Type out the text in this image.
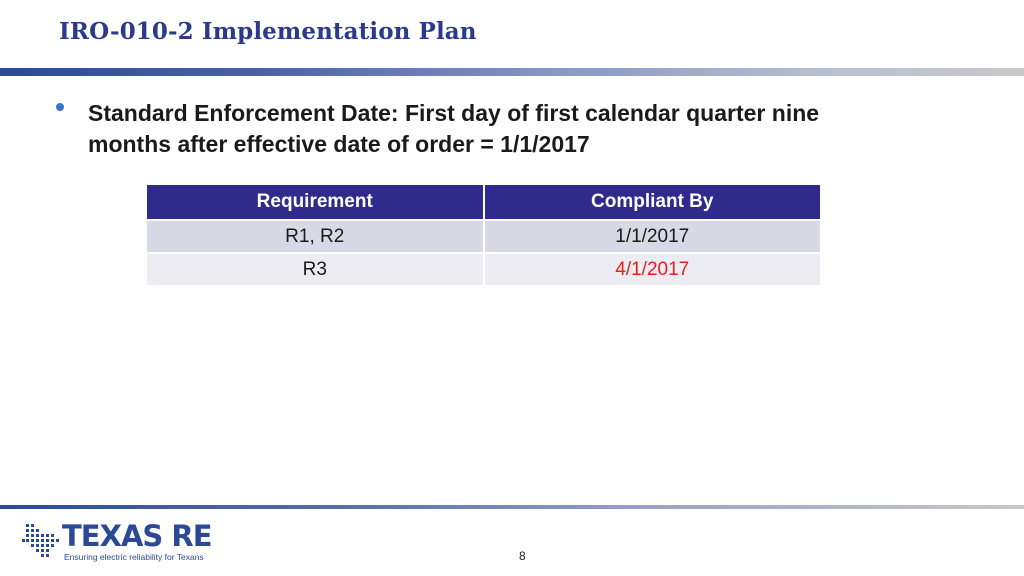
IRO-010-2 Implementation Plan
Standard Enforcement Date: First day of first calendar quarter nine months after effective date of order = 1/1/2017
Requirement	Compliant By
R1, R2	1/1/2017
R3	4/1/2017
TEXAS RE
Ensuring electric reliability for Texans	8
